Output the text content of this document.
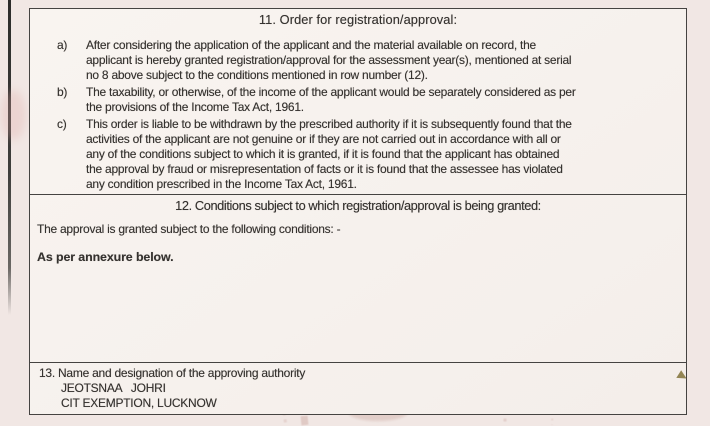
11. Order for registration/approval:
a) After considering the application of the applicant and the material available on record, the
applicant is hereby granted registration/approval for the assessment year(s), mentioned at serial
no 8 above subject to the conditions mentioned in row number (12).
b) The taxability, or otherwise, of the income of the applicant would be separately considered as per
the provisions of the Income Tax Act, 1961.
c) This order is liable to be withdrawn by the prescribed authority if it is subsequently found that the
activities of the applicant are not genuine or if they are not carried out in accordance with all or
any of the conditions subject to which it is granted, if it is found that the applicant has obtained
the approval by fraud or misrepresentation of facts or it is found that the assessee has violated
any condition prescribed in the Income Tax Act, 1961.
12. Conditions subject to which registration/approval is being granted:
The approval is granted subject to the following conditions: -
As per annexure below.
13. Name and designation of the approving authority
JEOTSNAA   JOHRI
CIT EXEMPTION, LUCKNOW
